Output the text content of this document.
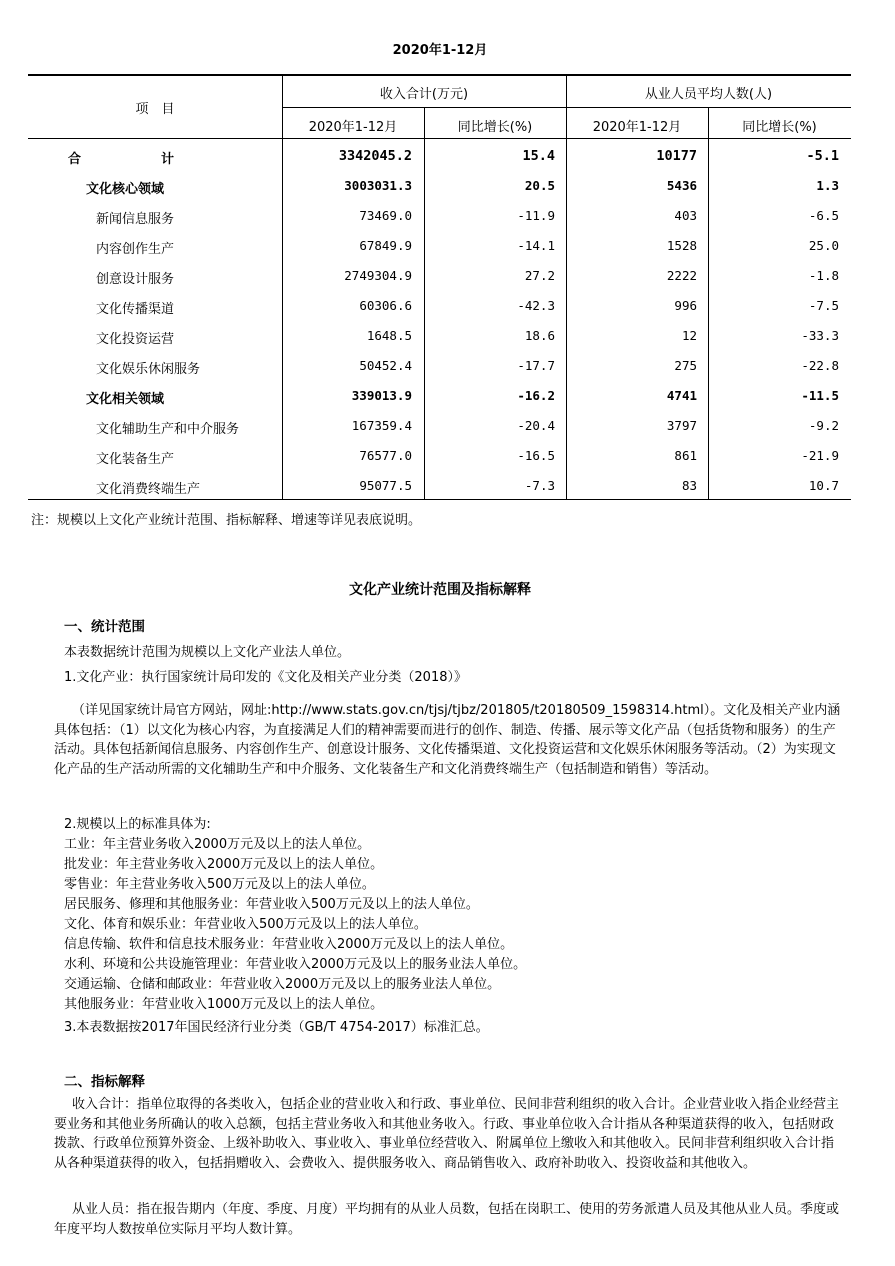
2020年1-12月
项　目
收入合计(万元)	从业人员平均人数(人)
2020年1-12月	同比增长(%)	2020年1-12月	同比增长(%)
合　　计	3342045.2	15.4	10177	-5.1
文化核心领域	3003031.3	20.5	5436	1.3
新闻信息服务	73469.0	-11.9	403	-6.5
内容创作生产	67849.9	-14.1	1528	25.0
创意设计服务	2749304.9	27.2	2222	-1.8
文化传播渠道	60306.6	-42.3	996	-7.5
文化投资运营	1648.5	18.6	12	-33.3
文化娱乐休闲服务	50452.4	-17.7	275	-22.8
文化相关领域	339013.9	-16.2	4741	-11.5
文化辅助生产和中介服务	167359.4	-20.4	3797	-9.2
文化装备生产	76577.0	-16.5	861	-21.9
文化消费终端生产	95077.5	-7.3	83	10.7
注：规模以上文化产业统计范围、指标解释、增速等详见表底说明。
文化产业统计范围及指标解释
一、统计范围
本表数据统计范围为规模以上文化产业法人单位。
1.文化产业：执行国家统计局印发的《文化及相关产业分类（2018）》
（详见国家统计局官方网站，网址:http://www.stats.gov.cn/tjsj/tjbz/201805/t20180509_1598314.html）。文化及相关产业内涵具体包括：（1）以文化为核心内容，为直接满足人们的精神需要而进行的创作、制造、传播、展示等文化产品（包括货物和服务）的生产活动。具体包括新闻信息服务、内容创作生产、创意设计服务、文化传播渠道、文化投资运营和文化娱乐休闲服务等活动。（2）为实现文化产品的生产活动所需的文化辅助生产和中介服务、文化装备生产和文化消费终端生产（包括制造和销售）等活动。
2.规模以上的标准具体为:
工业：年主营业务收入2000万元及以上的法人单位。
批发业：年主营业务收入2000万元及以上的法人单位。
零售业：年主营业务收入500万元及以上的法人单位。
居民服务、修理和其他服务业：年营业收入500万元及以上的法人单位。
文化、体育和娱乐业：年营业收入500万元及以上的法人单位。
信息传输、软件和信息技术服务业：年营业收入2000万元及以上的法人单位。
水利、环境和公共设施管理业：年营业收入2000万元及以上的服务业法人单位。
交通运输、仓储和邮政业：年营业收入2000万元及以上的服务业法人单位。
其他服务业：年营业收入1000万元及以上的法人单位。
3.本表数据按2017年国民经济行业分类（GB/T 4754-2017）标准汇总。
二、指标解释
收入合计：指单位取得的各类收入，包括企业的营业收入和行政、事业单位、民间非营利组织的收入合计。企业营业收入指企业经营主要业务和其他业务所确认的收入总额，包括主营业务收入和其他业务收入。行政、事业单位收入合计指从各种渠道获得的收入，包括财政拨款、行政单位预算外资金、上级补助收入、事业收入、事业单位经营收入、附属单位上缴收入和其他收入。民间非营利组织收入合计指从各种渠道获得的收入，包括捐赠收入、会费收入、提供服务收入、商品销售收入、政府补助收入、投资收益和其他收入。
从业人员：指在报告期内（年度、季度、月度）平均拥有的从业人员数，包括在岗职工、使用的劳务派遣人员及其他从业人员。季度或年度平均人数按单位实际月平均人数计算。
